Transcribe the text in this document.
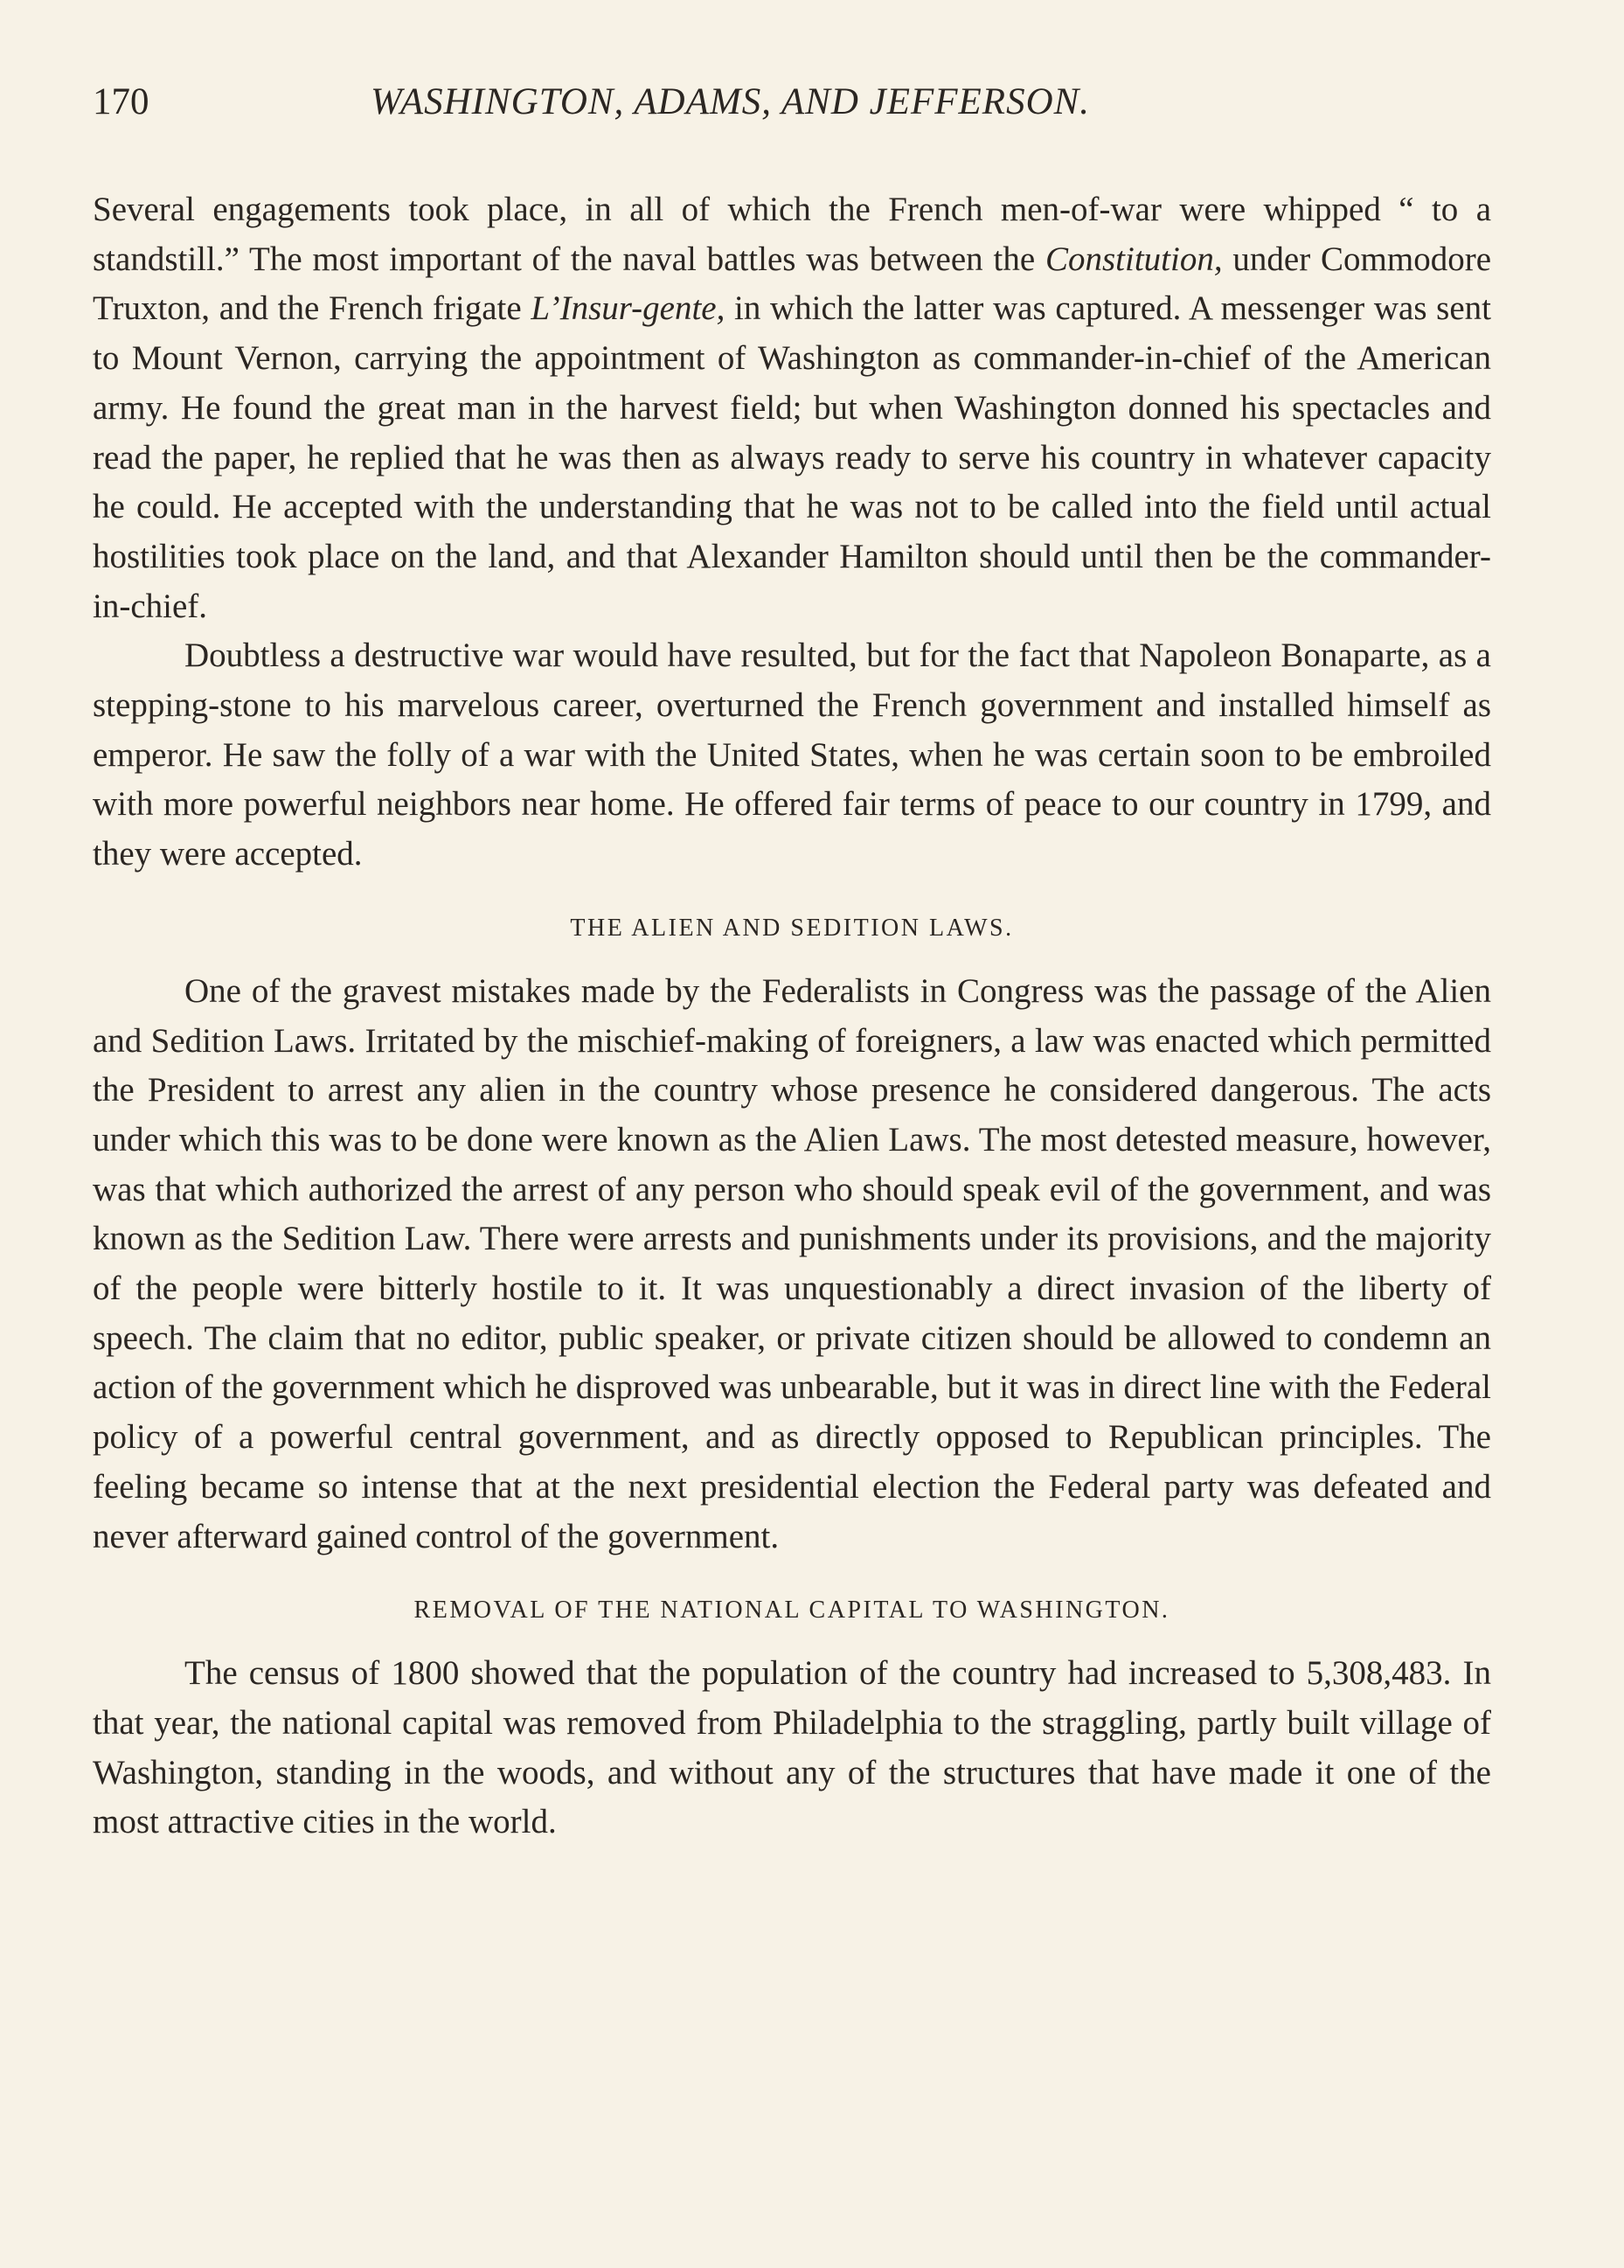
170	WASHINGTON, ADAMS, AND JEFFERSON.

Several engagements took place, in all of which the French men-of-war were whipped “ to a standstill.” The most important of the naval battles was between the Constitution, under Commodore Truxton, and the French frigate L’Insur-gente, in which the latter was captured. A messenger was sent to Mount Vernon, carrying the appointment of Washington as commander-in-chief of the American army. He found the great man in the harvest field; but when Washington donned his spectacles and read the paper, he replied that he was then as always ready to serve his country in whatever capacity he could. He accepted with the understanding that he was not to be called into the field until actual hostilities took place on the land, and that Alexander Hamilton should until then be the commander-in-chief.

Doubtless a destructive war would have resulted, but for the fact that Napoleon Bonaparte, as a stepping-stone to his marvelous career, overturned the French government and installed himself as emperor. He saw the folly of a war with the United States, when he was certain soon to be embroiled with more powerful neighbors near home. He offered fair terms of peace to our country in 1799, and they were accepted.

THE ALIEN AND SEDITION LAWS.

One of the gravest mistakes made by the Federalists in Congress was the passage of the Alien and Sedition Laws. Irritated by the mischief-making of foreigners, a law was enacted which permitted the President to arrest any alien in the country whose presence he considered dangerous. The acts under which this was to be done were known as the Alien Laws. The most detested measure, however, was that which authorized the arrest of any person who should speak evil of the government, and was known as the Sedition Law. There were arrests and punishments under its provisions, and the majority of the people were bitterly hostile to it. It was unquestionably a direct invasion of the liberty of speech. The claim that no editor, public speaker, or private citizen should be allowed to condemn an action of the government which he disproved was unbearable, but it was in direct line with the Federal policy of a powerful central government, and as directly opposed to Republican principles. The feeling became so intense that at the next presidential election the Federal party was defeated and never afterward gained control of the government.

REMOVAL OF THE NATIONAL CAPITAL TO WASHINGTON.

The census of 1800 showed that the population of the country had increased to 5,308,483. In that year, the national capital was removed from Philadelphia to the straggling, partly built village of Washington, standing in the woods, and without any of the structures that have made it one of the most attractive cities in the world.
